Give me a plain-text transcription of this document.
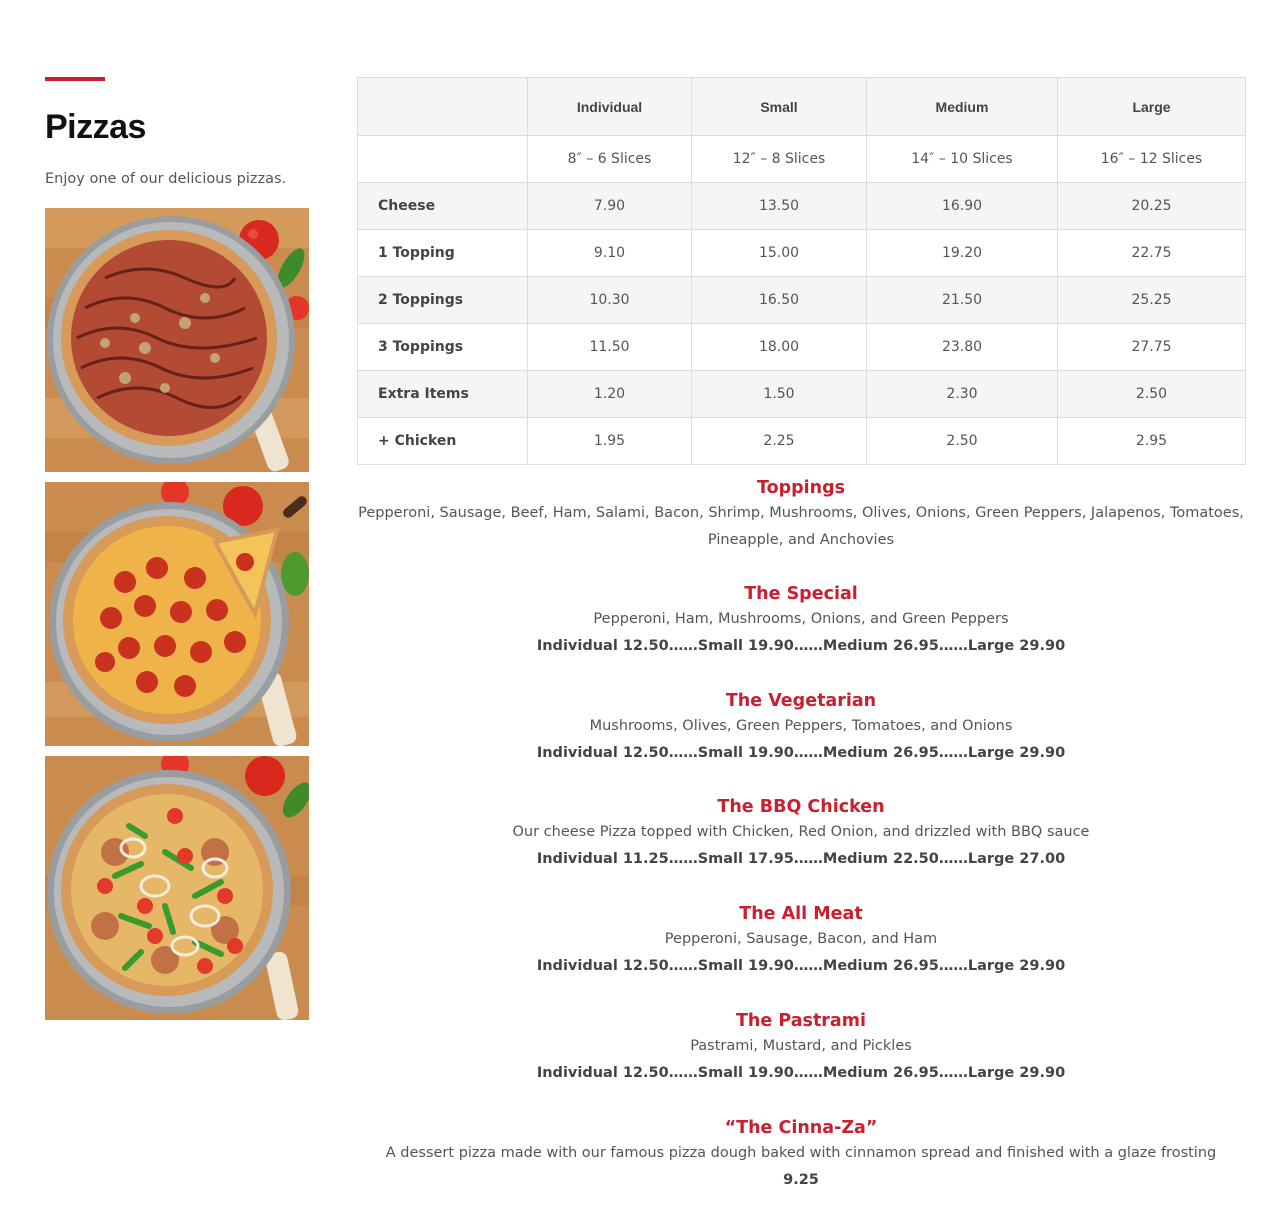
Pizzas
Enjoy one of our delicious pizzas.
	Individual	Small	Medium	Large
	8″ – 6 Slices	12″ – 8 Slices	14″ – 10 Slices	16″ – 12 Slices
Cheese	7.90	13.50	16.90	20.25
1 Topping	9.10	15.00	19.20	22.75
2 Toppings	10.30	16.50	21.50	25.25
3 Toppings	11.50	18.00	23.80	27.75
Extra Items	1.20	1.50	2.30	2.50
+ Chicken	1.95	2.25	2.50	2.95
Toppings

Pepperoni, Sausage, Beef, Ham, Salami, Bacon, Shrimp, Mushrooms, Olives, Onions, Green Peppers, Jalapenos, Tomatoes,

Pineapple, and Anchovies

The Special

Pepperoni, Ham, Mushrooms, Onions, and Green Peppers

Individual 12.50……Small 19.90……Medium 26.95……Large 29.90

The Vegetarian

Mushrooms, Olives, Green Peppers, Tomatoes, and Onions

Individual 12.50……Small 19.90……Medium 26.95……Large 29.90

The BBQ Chicken

Our cheese Pizza topped with Chicken, Red Onion, and drizzled with BBQ sauce

Individual 11.25……Small 17.95……Medium 22.50……Large 27.00

The All Meat

Pepperoni, Sausage, Bacon, and Ham

Individual 12.50……Small 19.90……Medium 26.95……Large 29.90

The Pastrami

Pastrami, Mustard, and Pickles

Individual 12.50……Small 19.90……Medium 26.95……Large 29.90

“The Cinna-Za”

A dessert pizza made with our famous pizza dough baked with cinnamon spread and finished with a glaze frosting

9.25
